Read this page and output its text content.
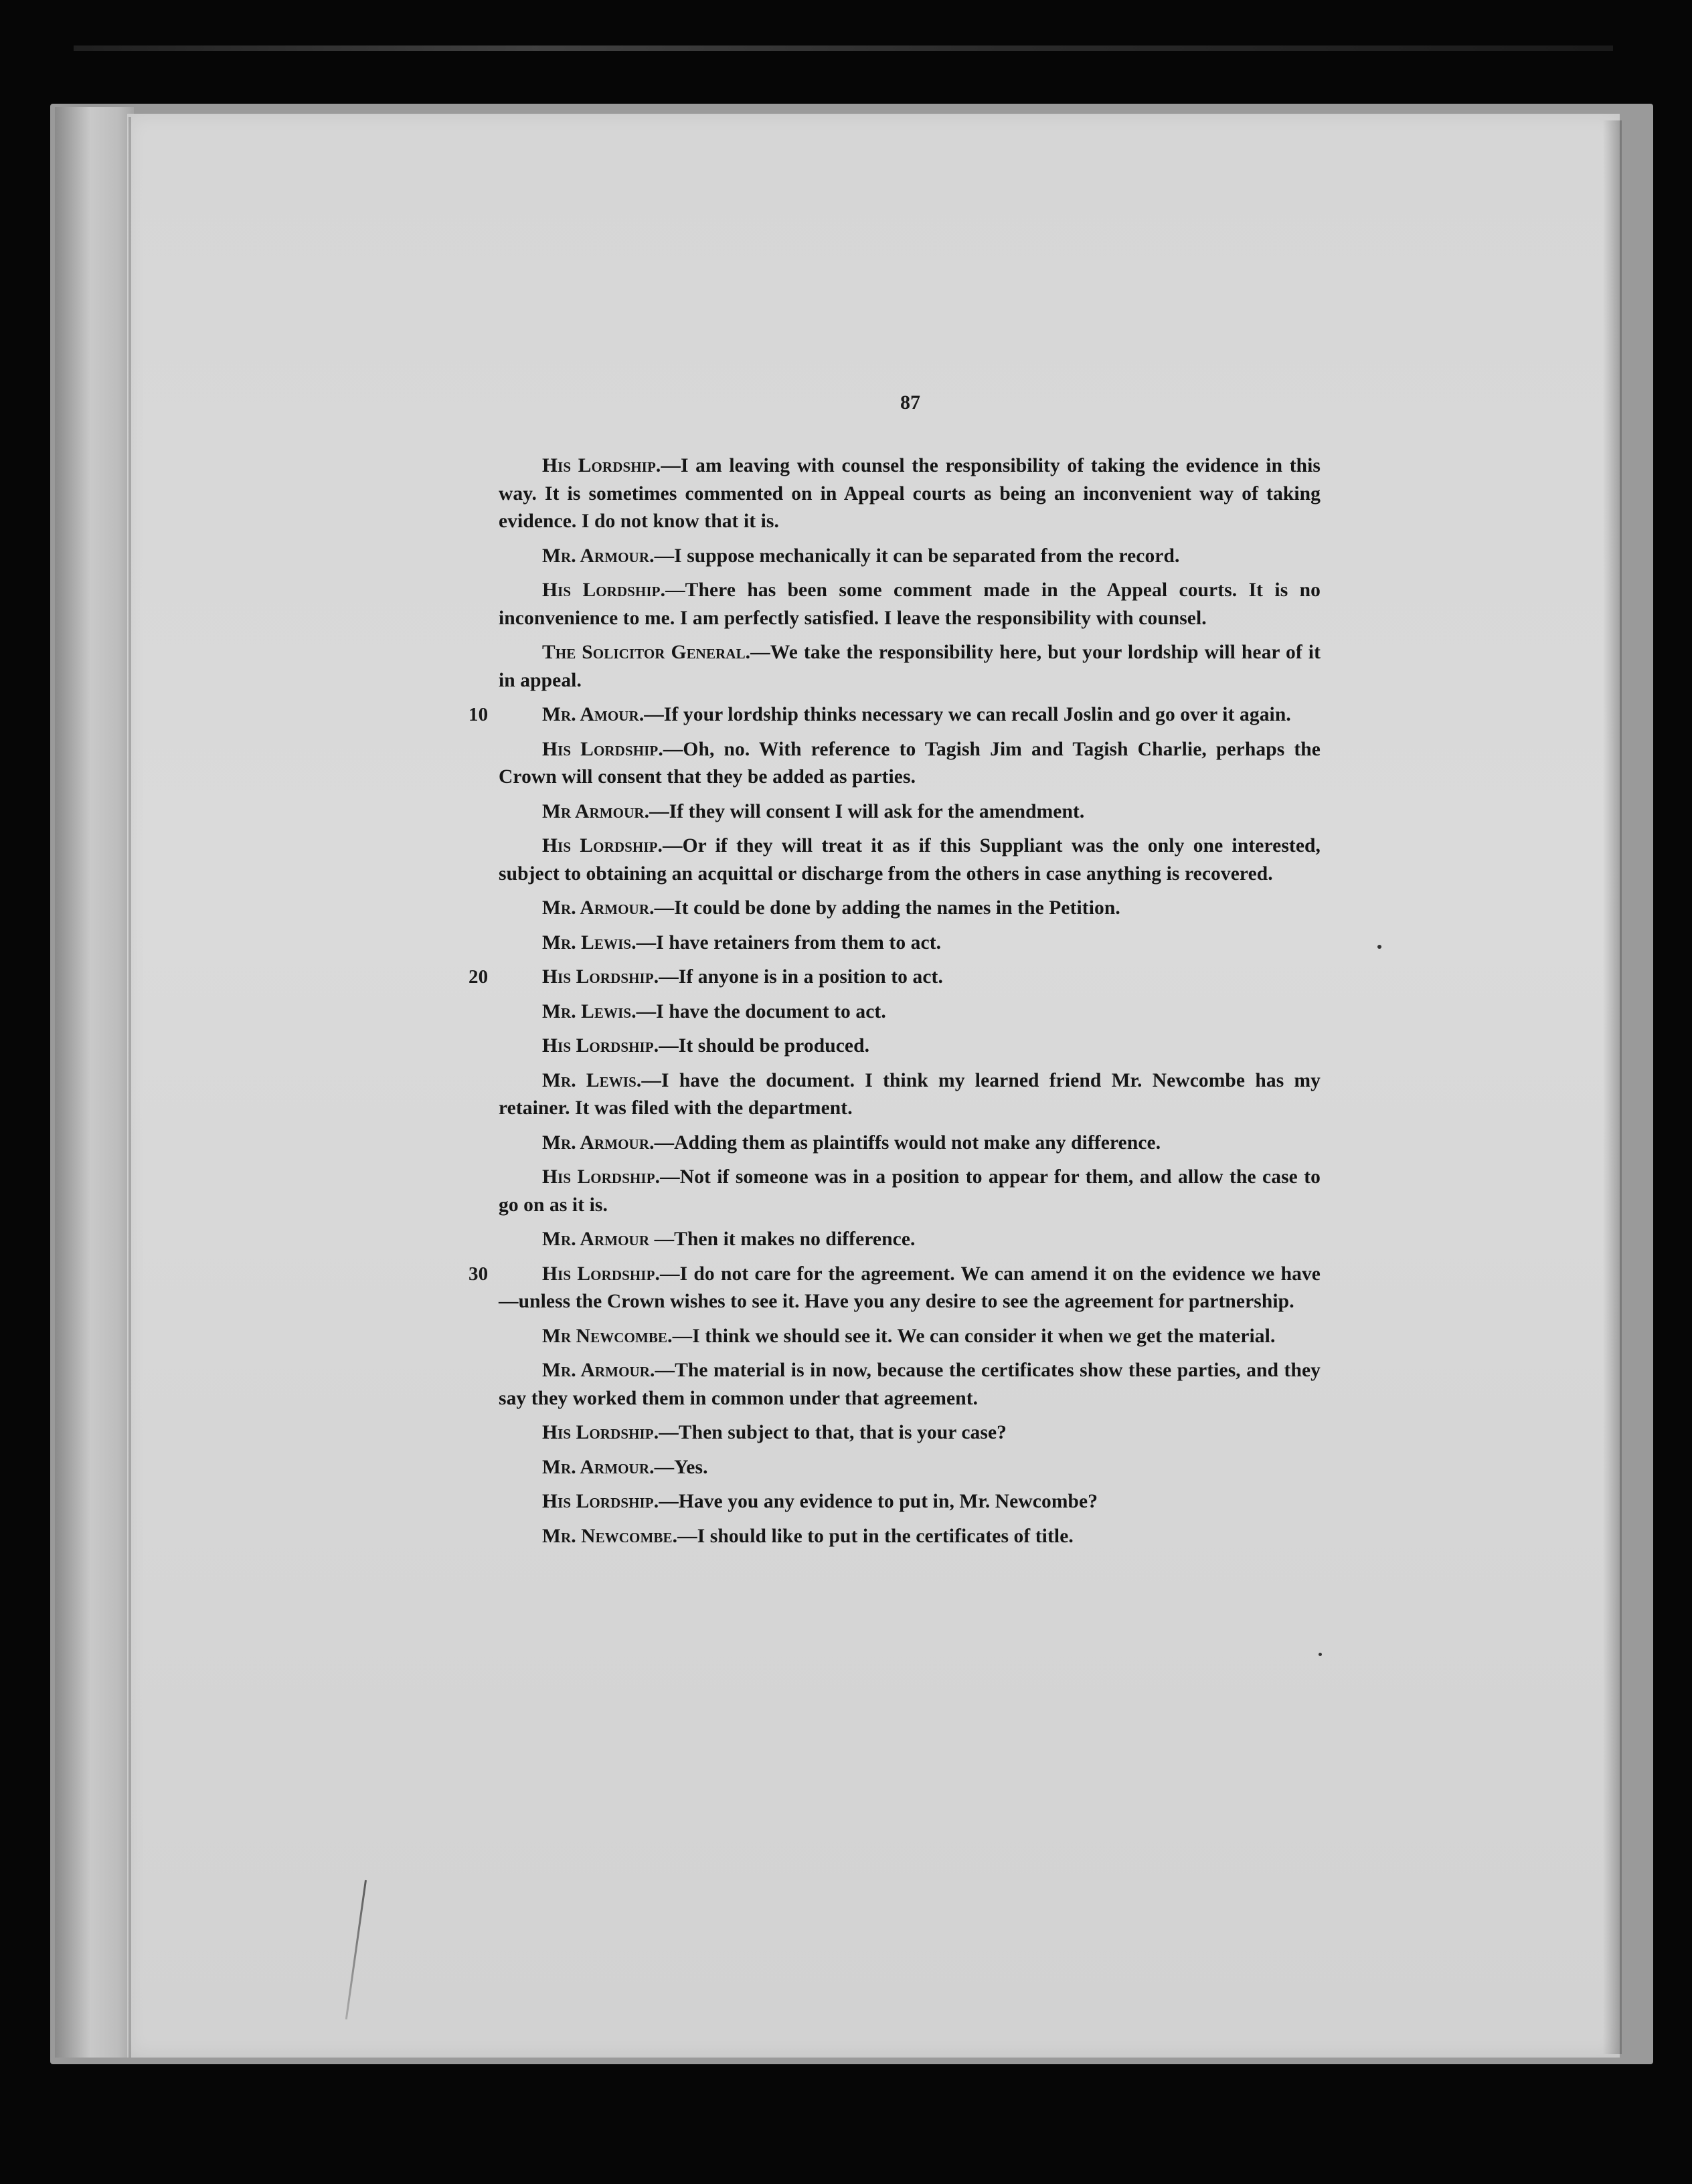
87

His Lordship.—I am leaving with counsel the responsibility of taking the evidence in this way. It is sometimes commented on in Appeal courts as being an inconvenient way of taking evidence. I do not know that it is.

Mr. Armour.—I suppose mechanically it can be separated from the record.

His Lordship.—There has been some comment made in the Appeal courts. It is no inconvenience to me. I am perfectly satisfied. I leave the responsibility with counsel.

The Solicitor General.—We take the responsibility here, but your lordship will hear of it in appeal.

10	Mr. Amour.—If your lordship thinks necessary we can recall Joslin and go over it again.

His Lordship.—Oh, no. With reference to Tagish Jim and Tagish Charlie, perhaps the Crown will consent that they be added as parties.

Mr Armour.—If they will consent I will ask for the amendment.

His Lordship.—Or if they will treat it as if this Suppliant was the only one interested, subject to obtaining an acquittal or discharge from the others in case anything is recovered.

Mr. Armour.—It could be done by adding the names in the Petition.

Mr. Lewis.—I have retainers from them to act.

20	His Lordship.—If anyone is in a position to act.

Mr. Lewis.—I have the document to act.

His Lordship.—It should be produced.

Mr. Lewis.—I have the document. I think my learned friend Mr. Newcombe has my retainer. It was filed with the department.

Mr. Armour.—Adding them as plaintiffs would not make any difference.

His Lordship.—Not if someone was in a position to appear for them, and allow the case to go on as it is.

Mr. Armour —Then it makes no difference.

30	His Lordship.—I do not care for the agreement. We can amend it on the evidence we have—unless the Crown wishes to see it. Have you any desire to see the agreement for partnership.

Mr Newcombe.—I think we should see it. We can consider it when we get the material.

Mr. Armour.—The material is in now, because the certificates show these parties, and they say they worked them in common under that agreement.

His Lordship.—Then subject to that, that is your case?

Mr. Armour.—Yes.

His Lordship.—Have you any evidence to put in, Mr. Newcombe?

Mr. Newcombe.—I should like to put in the certificates of title.
